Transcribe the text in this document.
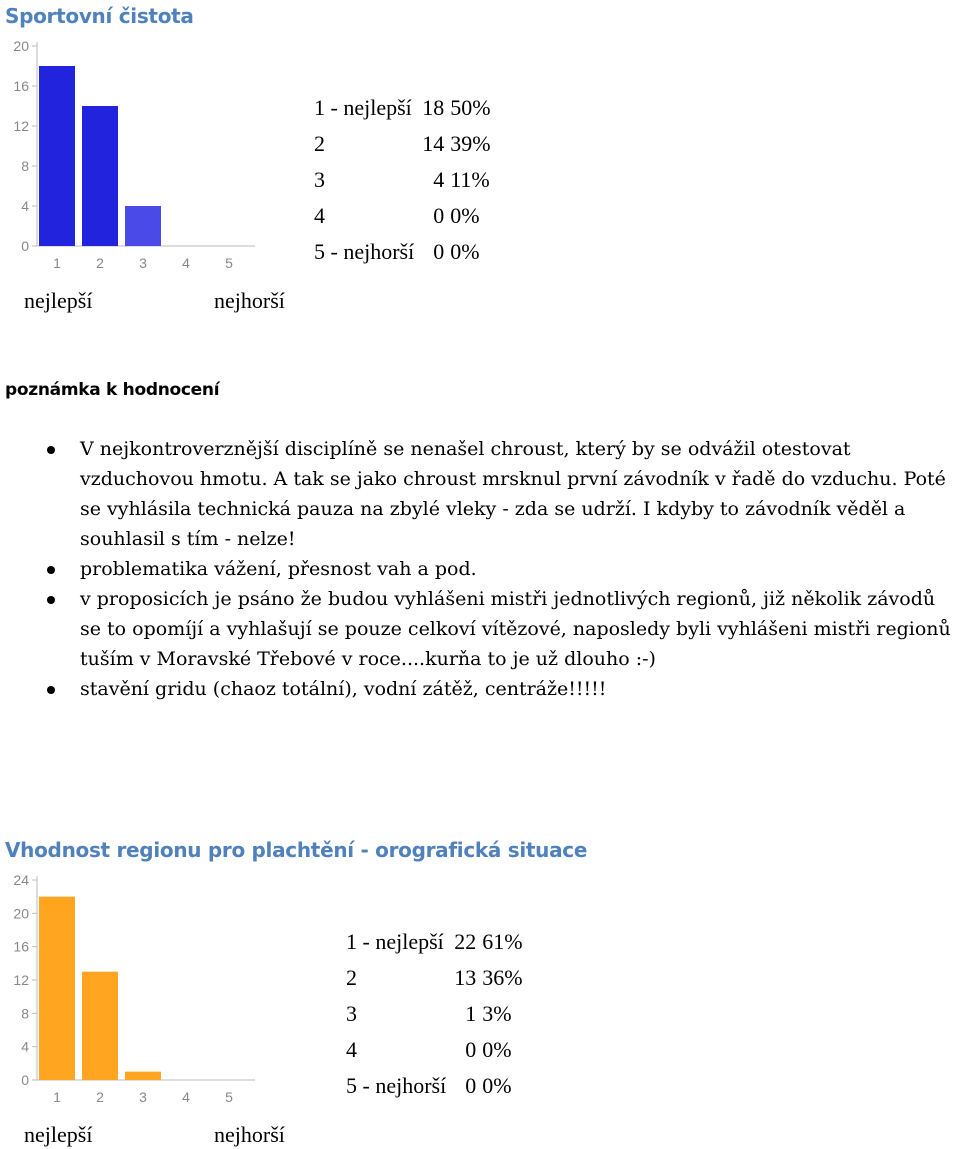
Sportovní čistota
0
4
8
12
16
20
1	2	3	4	5
1 - nejlepší	18	50%
2	14	39%
3	4	11%
4	0	0%
5 - nejhorší	0	0%
nejlepší	nejhorší
poznámka k hodnocení
V nejkontroverznější disciplíně se nenašel chroust, který by se odvážil otestovat vzduchovou hmotu. A tak se jako chroust mrsknul první závodník v řadě do vzduchu. Poté se vyhlásila technická pauza na zbylé vleky - zda se udrží. I kdyby to závodník věděl a souhlasil s tím - nelze!
problematika vážení, přesnost vah a pod.
v proposicích je psáno že budou vyhlášeni mistři jednotlivých regionů, již několik závodů se to opomíjí a vyhlašují se pouze celkoví vítězové, naposledy byli vyhlášeni mistři regionů tuším v Moravské Třebové v roce....kurňa to je už dlouho :-)
stavění gridu (chaoz totální), vodní zátěž, centráže!!!!!
Vhodnost regionu pro plachtění - orografická situace
0
4
8
12
16
20
24
1	2	3	4	5
1 - nejlepší	22	61%
2	13	36%
3	1	3%
4	0	0%
5 - nejhorší	0	0%
nejlepší	nejhorší
